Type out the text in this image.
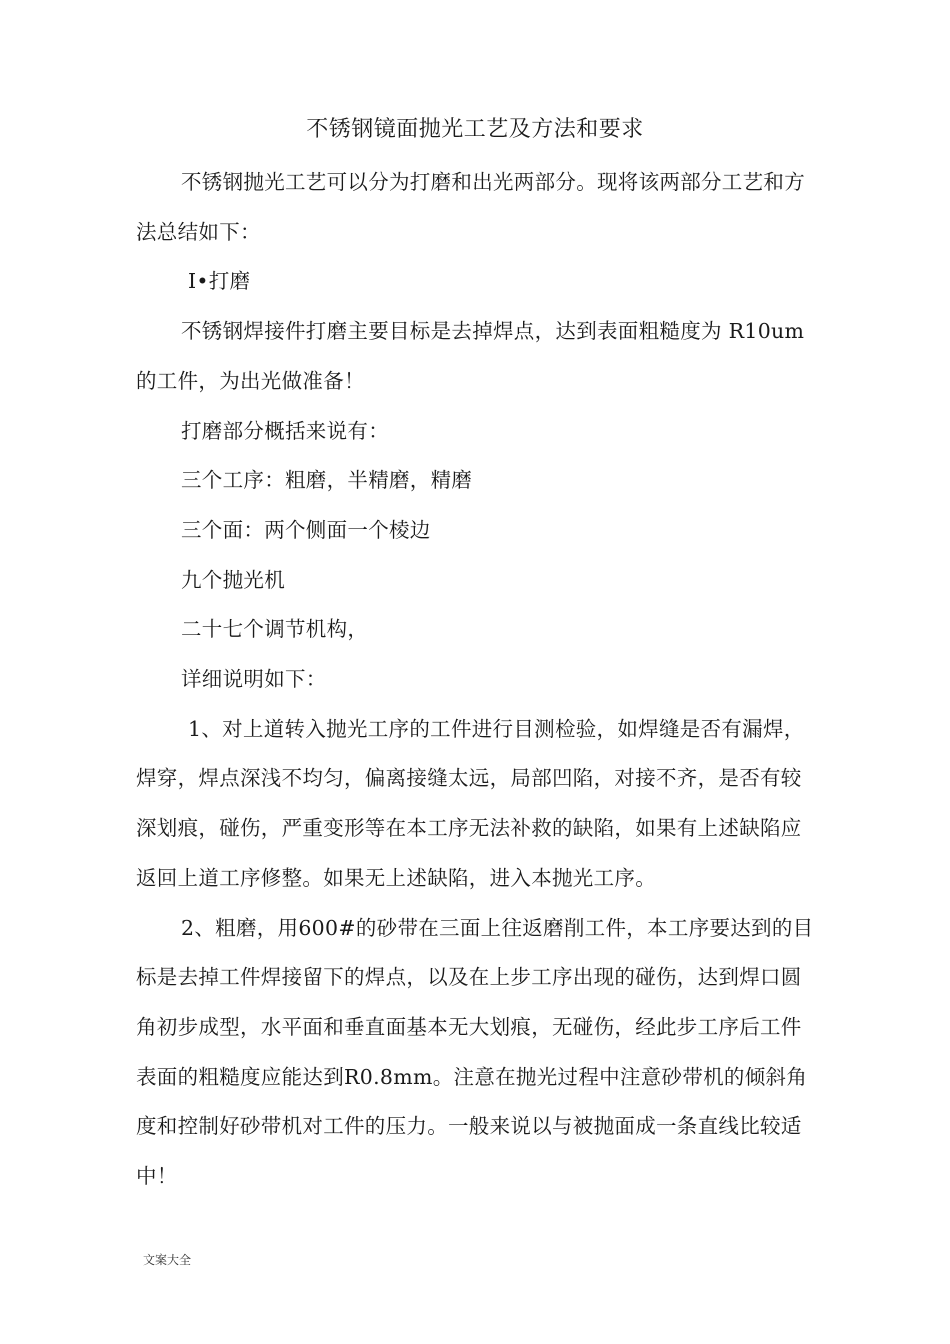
不锈钢镜面抛光工艺及方法和要求

不锈钢抛光工艺可以分为打磨和出光两部分。现将该两部分工艺和方法总结如下：

I•打磨

不锈钢焊接件打磨主要目标是去掉焊点，达到表面粗糙度为 R10um的工件，为出光做准备！

打磨部分概括来说有：

三个工序：粗磨，半精磨，精磨

三个面：两个侧面一个棱边

九个抛光机

二十七个调节机构，

详细说明如下：

1、对上道转入抛光工序的工件进行目测检验，如焊缝是否有漏焊，焊穿，焊点深浅不均匀，偏离接缝太远，局部凹陷，对接不齐，是否有较深划痕，碰伤，严重变形等在本工序无法补救的缺陷，如果有上述缺陷应返回上道工序修整。如果无上述缺陷，进入本抛光工序。

2、粗磨，用600#的砂带在三面上往返磨削工件，本工序要达到的目标是去掉工件焊接留下的焊点，以及在上步工序出现的碰伤，达到焊口圆角初步成型，水平面和垂直面基本无大划痕，无碰伤，经此步工序后工件表面的粗糙度应能达到R0.8mm。注意在抛光过程中注意砂带机的倾斜角度和控制好砂带机对工件的压力。一般来说以与被抛面成一条直线比较适中！

文案大全
